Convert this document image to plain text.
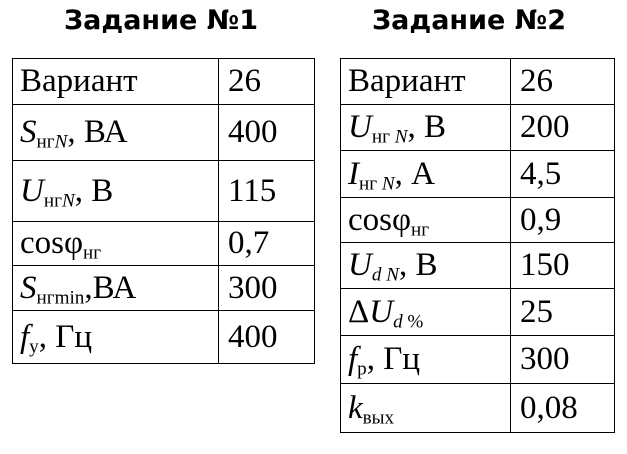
Задание №1	Задание №2
Вариант	26
$S_{нгN}$, ВА	400
$U_{нгN}$, В	115
cosφ$_{нг}$	0,7
$S_{нгmin},ВА$	300
$f_у$, Гц	400
Вариант	26
$U_{нг N}$, В	200
$I_{нг N}$, А	4,5
cosφ$_{нг}$	0,9
$U_{d N}$, В	150
$\Delta U_{d \%}$	25
$f_р$, Гц	300
$k_{вых}$	0,08
